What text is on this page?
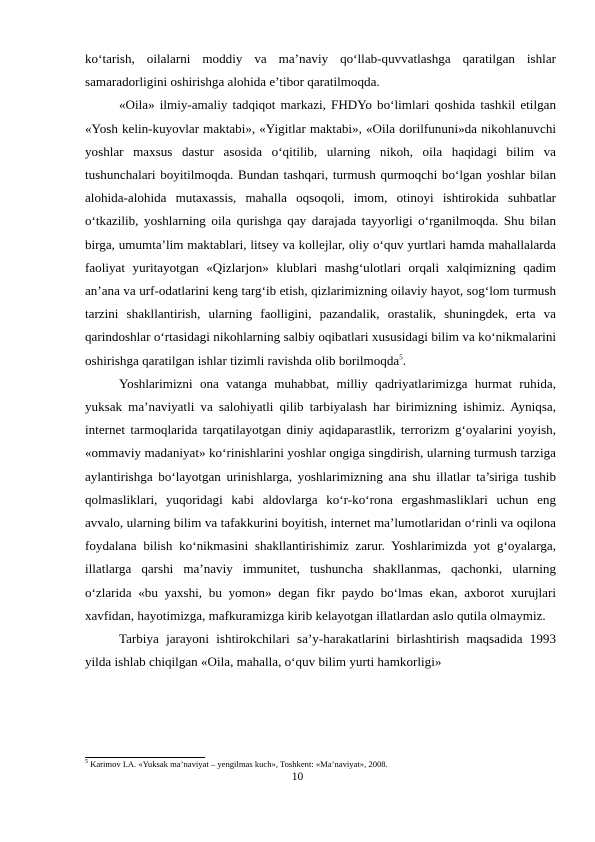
ko‘tarish, oilalarni moddiy va ma’naviy qo‘llab-quvvatlashga qaratilgan ishlar samaradorligini oshirishga alohida e’tibor qaratilmoqda.

«Oila» ilmiy-amaliy tadqiqot markazi, FHDYo bo‘limlari qoshida tashkil etilgan «Yosh kelin-kuyovlar maktabi», «Yigitlar maktabi», «Oila dorilfununi»da nikohlanuvchi yoshlar maxsus dastur asosida o‘qitilib, ularning nikoh, oila haqidagi bilim va tushunchalari boyitilmoqda. Bundan tashqari, turmush qurmoqchi bo‘lgan yoshlar bilan alohida-alohida mutaxassis, mahalla oqsoqoli, imom, otinoyi ishtirokida suhbatlar o‘tkazilib, yoshlarning oila qurishga qay darajada tayyorligi o‘rganilmoqda. Shu bilan birga, umumta’lim maktablari, litsey va kollejlar, oliy o‘quv yurtlari hamda mahallalarda faoliyat yuritayotgan «Qizlarjon» klublari mashg‘ulotlari orqali xalqimizning qadim an’ana va urf-odatlarini keng targ‘ib etish, qizlarimizning oilaviy hayot, sog‘lom turmush tarzini shakllantirish, ularning faolligini, pazandalik, orastalik, shuningdek, erta va qarindoshlar o‘rtasidagi nikohlarning salbiy oqibatlari xususidagi bilim va ko‘nikmalarini oshirishga qaratilgan ishlar tizimli ravishda olib borilmoqda$^5$.

Yoshlarimizni ona vatanga muhabbat, milliy qadriyatlarimizga hurmat ruhida, yuksak ma’naviyatli va salohiyatli qilib tarbiyalash har birimizning ishimiz. Ayniqsa, internet tarmoqlarida tarqatilayotgan diniy aqidaparastlik, terrorizm g‘oyalarini yoyish, «ommaviy madaniyat» ko‘rinishlarini yoshlar ongiga singdirish, ularning turmush tarziga aylantirishga bo‘layotgan urinishlarga, yoshlarimizning ana shu illatlar ta’siriga tushib qolmasliklari, yuqoridagi kabi aldovlarga ko‘r-ko‘rona ergashmasliklari uchun eng avvalo, ularning bilim va tafakkurini boyitish, internet ma’lumotlaridan o‘rinli va oqilona foydalana bilish ko‘nikmasini shakllantirishimiz zarur. Yoshlarimizda yot g‘oyalarga, illatlarga qarshi ma’naviy immunitet, tushuncha shakllanmas, qachonki, ularning o‘zlarida «bu yaxshi, bu yomon» degan fikr paydo bo‘lmas ekan, axborot xurujlari xavfidan, hayotimizga, mafkuramizga kirib kelayotgan illatlardan aslo qutila olmaymiz.

Tarbiya jarayoni ishtirokchilari sa’y-harakatlarini birlashtirish maqsadida 1993 yilda ishlab chiqilgan «Oila, mahalla, o‘quv bilim yurti hamkorligi»

$^5$ Karimov I.A. «Yuksak ma’naviyat – yengilmas kuch», Toshkent: «Ma’naviyat», 2008.

10
